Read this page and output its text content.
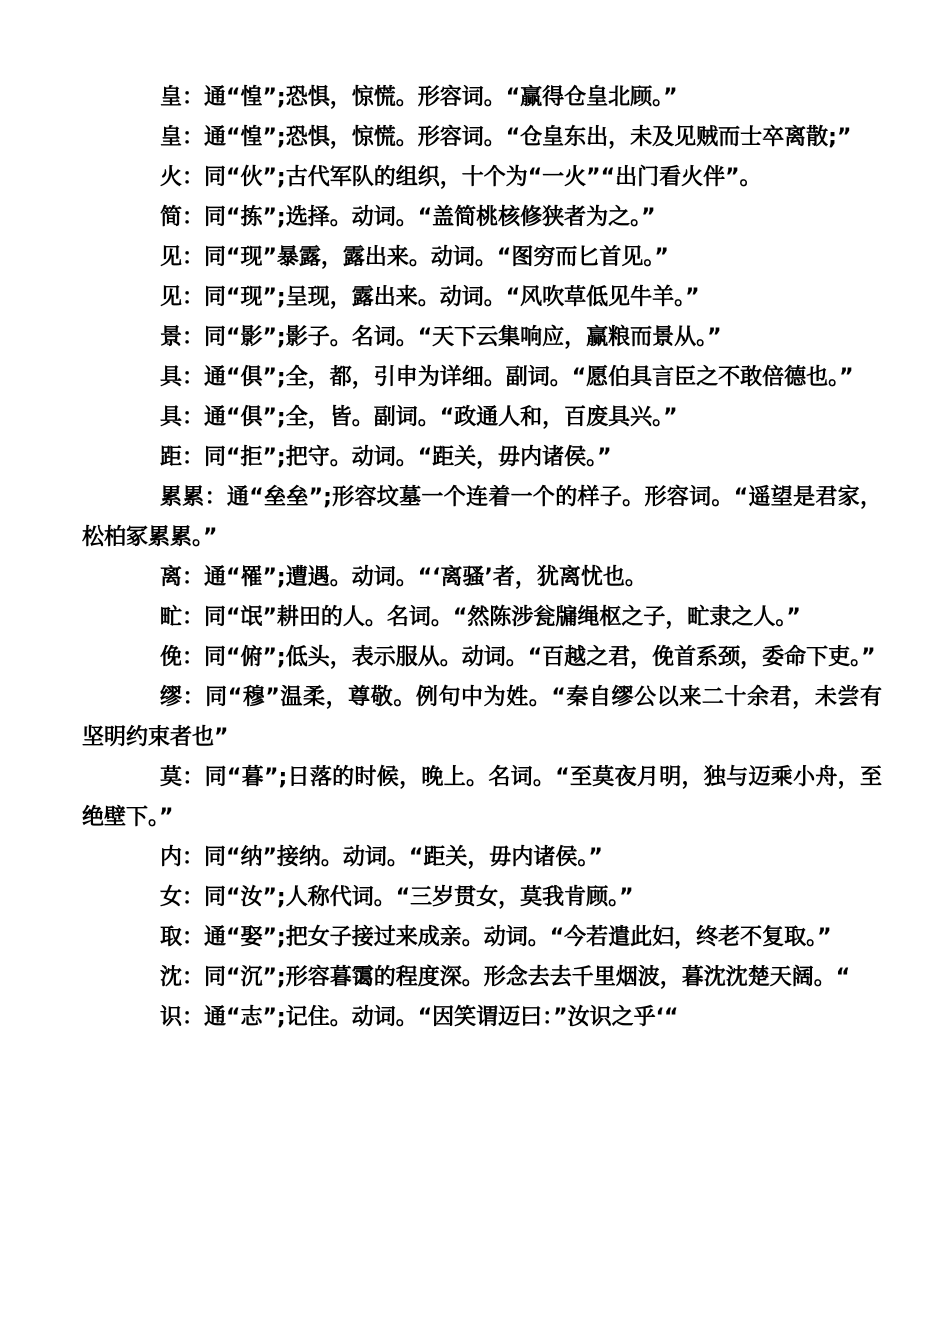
皇：通“惶”;恐惧，惊慌。形容词。“赢得仓皇北顾。”

皇：通“惶”;恐惧，惊慌。形容词。“仓皇东出，未及见贼而士卒离散;”

火：同“伙”;古代军队的组织，十个为“一火”“出门看火伴”。

简：同“拣”;选择。动词。“盖简桃核修狭者为之。”

见：同“现”暴露，露出来。动词。“图穷而匕首见。”

见：同“现”;呈现，露出来。动词。“风吹草低见牛羊。”

景：同“影”;影子。名词。“天下云集响应，赢粮而景从。”

具：通“俱”;全，都，引申为详细。副词。“愿伯具言臣之不敢倍德也。”

具：通“俱”;全，皆。副词。“政通人和，百废具兴。”

距：同“拒”;把守。动词。“距关，毋内诸侯。”

累累：通“垒垒”;形容坟墓一个连着一个的样子。形容词。“遥望是君家，松柏冢累累。”

离：通“罹”;遭遇。动词。“‘离骚’者，犹离忧也。

甿：同“氓”耕田的人。名词。“然陈涉瓮牖绳枢之子，甿隶之人。”

俛：同“俯”;低头，表示服从。动词。“百越之君，俛首系颈，委命下吏。”

缪：同“穆”温柔，尊敬。例句中为姓。“秦自缪公以来二十余君，未尝有坚明约束者也”

莫：同“暮”;日落的时候，晚上。名词。“至莫夜月明，独与迈乘小舟，至绝壁下。”

内：同“纳”接纳。动词。“距关，毋内诸侯。”

女：同“汝”;人称代词。“三岁贯女，莫我肯顾。”

取：通“娶”;把女子接过来成亲。动词。“今若遣此妇，终老不复取。”

沈：同“沉”;形容暮霭的程度深。形念去去千里烟波，暮沈沈楚天阔。“

识：通“志”;记住。动词。“因笑谓迈曰：”汝识之乎‘“
